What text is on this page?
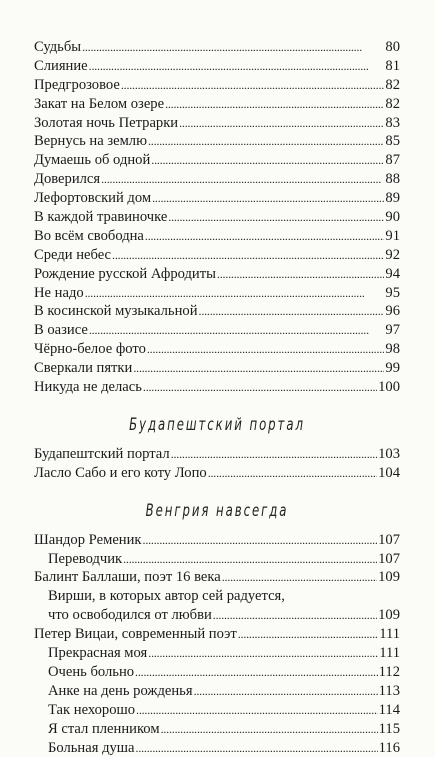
Судьбы . . .	80
Слияние . . .	81
Предгрозовое . . .	82
Закат на Белом озере . . .	82
Золотая ночь Петрарки . . .	83
Вернусь на землю . . .	85
Думаешь об одной . . .	87
Доверился . . .	88
Лефортовский дом . . .	89
В каждой травиночке . . .	90
Во всём свободна . . .	91
Среди небес . . .	92
Рождение русской Афродиты . . .	94
Не надо . . .	95
В косинской музыкальной . . .	96
В оазисе . . .	97
Чёрно-белое фото . . .	98
Сверкали пятки . . .	99
Никуда не делась . . .	100
Будапештский портал
Будапештский портал . . .	103
Ласло Сабо и его коту Лопо . . .	104
Венгрия навсегда
Шандор Ременик . . .	107
Переводчик . . .	107
Балинт Баллаши, поэт 16 века . . .	109
Вирши, в которых автор сей радуется,
что освободился от любви . . .	109
Петер Вицаи, современный поэт . . .	111
Прекрасная моя . . .	111
Очень больно . . .	112
Анке на день рожденья . . .	113
Так нехорошо . . .	114
Я стал пленником . . .	115
Больная душа . . .	116
